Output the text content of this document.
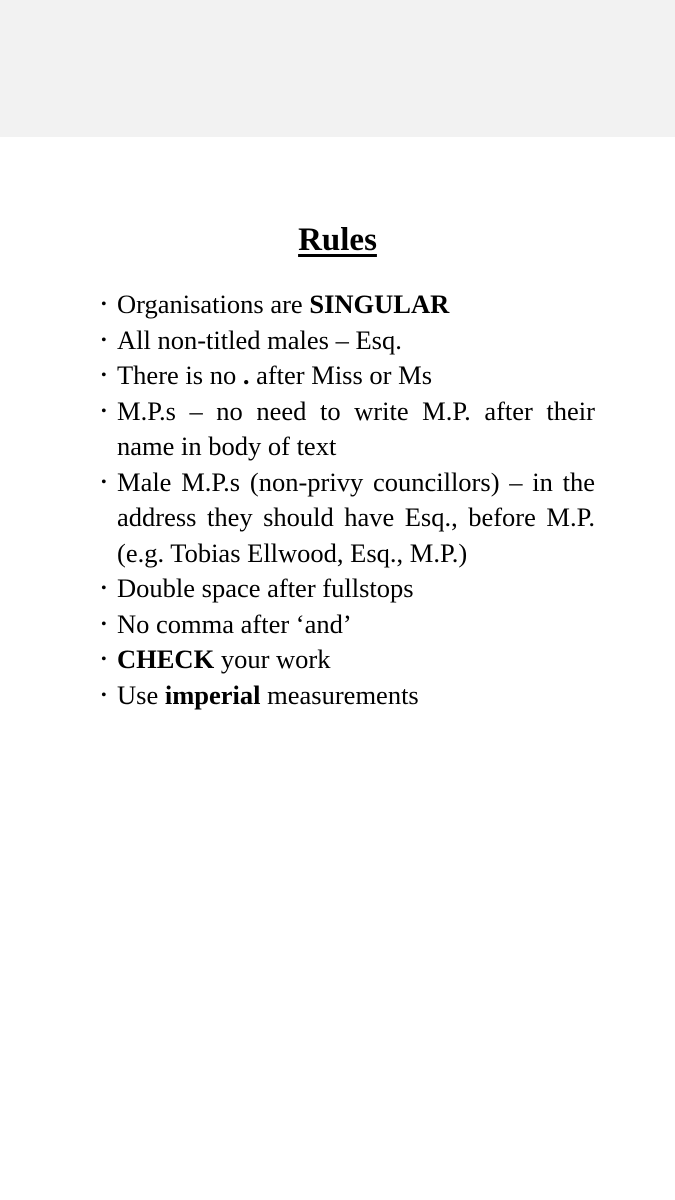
Rules
• Organisations are SINGULAR
• All non-titled males – Esq.
• There is no . after Miss or Ms
• M.P.s – no need to write M.P. after their name in body of text
• Male M.P.s (non-privy councillors) – in the address they should have Esq., before M.P. (e.g. Tobias Ellwood, Esq., M.P.)
• Double space after fullstops
• No comma after ‘and’
• CHECK your work
• Use imperial measurements
